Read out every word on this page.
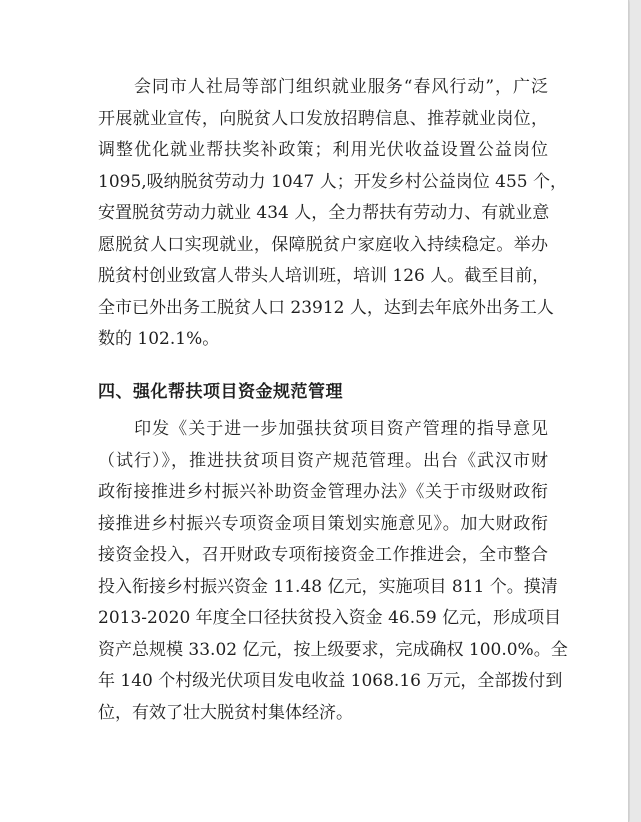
　　会同市人社局等部门组织就业服务“春风行动”，广泛
开展就业宣传，向脱贫人口发放招聘信息、推荐就业岗位，
调整优化就业帮扶奖补政策；利用光伏收益设置公益岗位
1095,吸纳脱贫劳动力 1047 人；开发乡村公益岗位 455 个，
安置脱贫劳动力就业 434 人，全力帮扶有劳动力、有就业意
愿脱贫人口实现就业，保障脱贫户家庭收入持续稳定。举办
脱贫村创业致富人带头人培训班，培训 126 人。截至目前，
全市已外出务工脱贫人口 23912 人，达到去年底外出务工人
数的 102.1%。
四、强化帮扶项目资金规范管理
　　印发《关于进一步加强扶贫项目资产管理的指导意见
（试行）》，推进扶贫项目资产规范管理。出台《武汉市财
政衔接推进乡村振兴补助资金管理办法》《关于市级财政衔
接推进乡村振兴专项资金项目策划实施意见》。加大财政衔
接资金投入，召开财政专项衔接资金工作推进会，全市整合
投入衔接乡村振兴资金 11.48 亿元，实施项目 811 个。摸清
2013-2020 年度全口径扶贫投入资金 46.59 亿元，形成项目
资产总规模 33.02 亿元，按上级要求，完成确权 100.0%。全
年 140 个村级光伏项目发电收益 1068.16 万元，全部拨付到
位，有效了壮大脱贫村集体经济。
